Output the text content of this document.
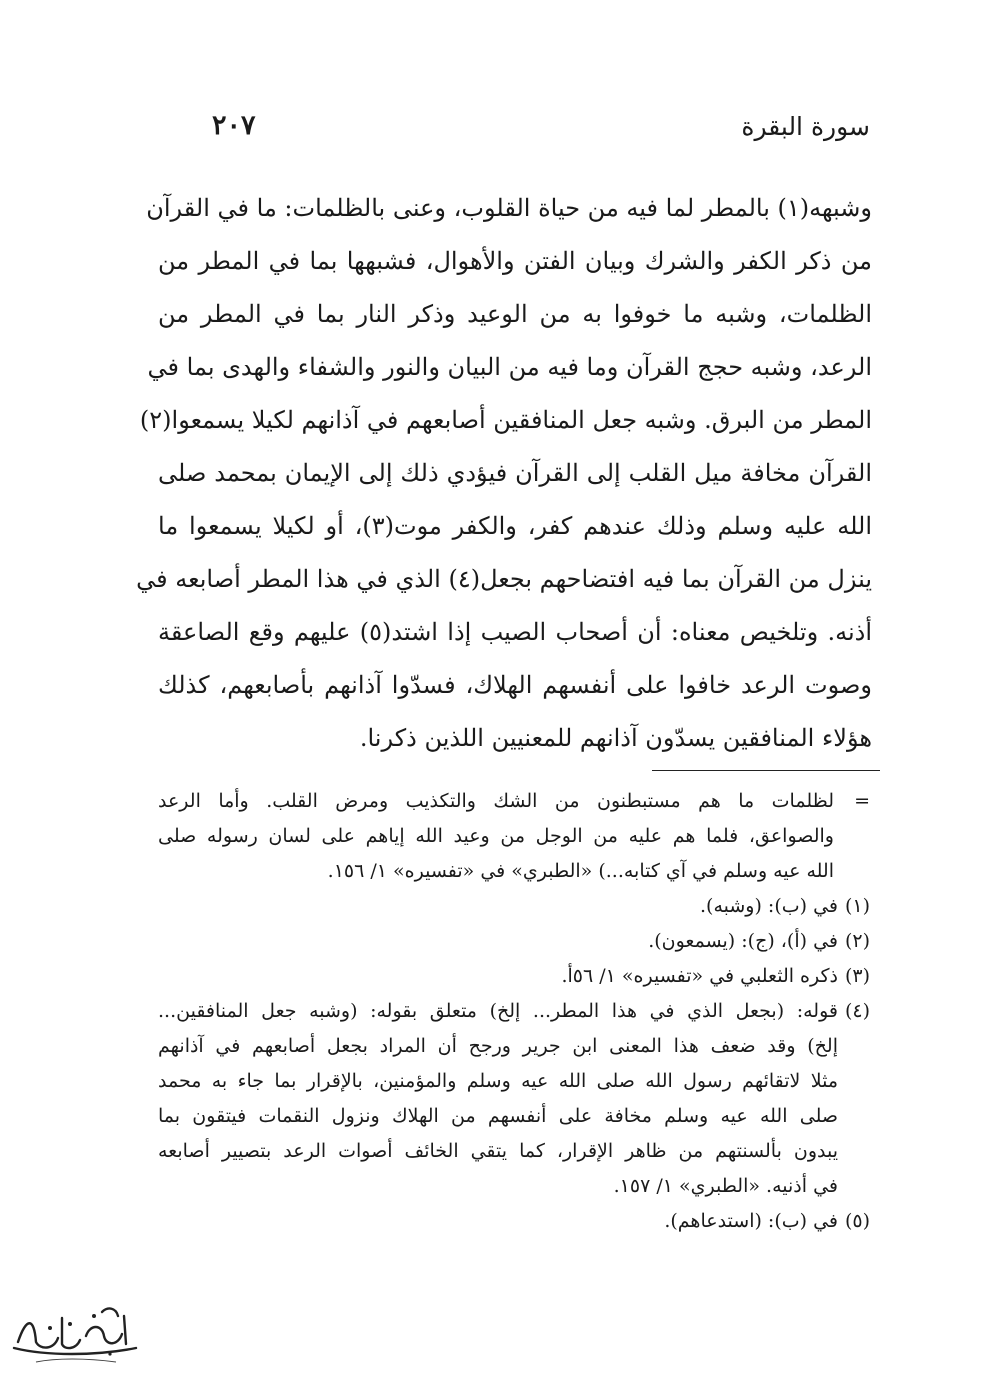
سورة البقرة
٢٠٧
وشبهه(١) بالمطر لما فيه من حياة القلوب، وعنى بالظلمات: ما في القرآن
من ذكر الكفر والشرك وبيان الفتن والأهوال، فشبهها بما في المطر من
الظلمات، وشبه ما خوفوا به من الوعيد وذكر النار بما في المطر من
الرعد، وشبه حجج القرآن وما فيه من البيان والنور والشفاء والهدى بما في
المطر من البرق. وشبه جعل المنافقين أصابعهم في آذانهم لكيلا يسمعوا(٢)
القرآن مخافة ميل القلب إلى القرآن فيؤدي ذلك إلى الإيمان بمحمد صلى
الله عليه وسلم وذلك عندهم كفر، والكفر موت(٣)، أو لكيلا يسمعوا ما
ينزل من القرآن بما فيه افتضاحهم بجعل(٤) الذي في هذا المطر أصابعه في
أذنه. وتلخيص معناه: أن أصحاب الصيب إذا اشتد(٥) عليهم وقع الصاعقة
وصوت الرعد خافوا على أنفسهم الهلاك، فسدّوا آذانهم بأصابعهم، كذلك
هؤلاء المنافقين يسدّون آذانهم للمعنيين اللذين ذكرنا.
=
لظلمات ما هم مستبطنون من الشك والتكذيب ومرض القلب. وأما الرعد
والصواعق، فلما هم عليه من الوجل من وعيد الله إياهم على لسان رسوله صلى
الله عيه وسلم في آي كتابه...) «الطبري» في «تفسيره» ١/ ١٥٦.
(١)
في (ب): (وشبه).
(٢)
في (أ)، (ج): (يسمعون).
(٣)
ذكره الثعلبي في «تفسيره» ١/ ٥٦أ.
(٤)
قوله: (بجعل الذي في هذا المطر... إلخ) متعلق بقوله: (وشبه جعل المنافقين...
إلخ) وقد ضعف هذا المعنى ابن جرير ورجح أن المراد بجعل أصابعهم في آذانهم
مثلا لاتقائهم رسول الله صلى الله عيه وسلم والمؤمنين، بالإقرار بما جاء به محمد
صلى الله عيه وسلم مخافة على أنفسهم من الهلاك ونزول النقمات فيتقون بما
يبدون بألسنتهم من ظاهر الإقرار، كما يتقي الخائف أصوات الرعد بتصيير أصابعه
في أذنيه. «الطبري» ١/ ١٥٧.
(٥)
في (ب): (استدعاهم).
